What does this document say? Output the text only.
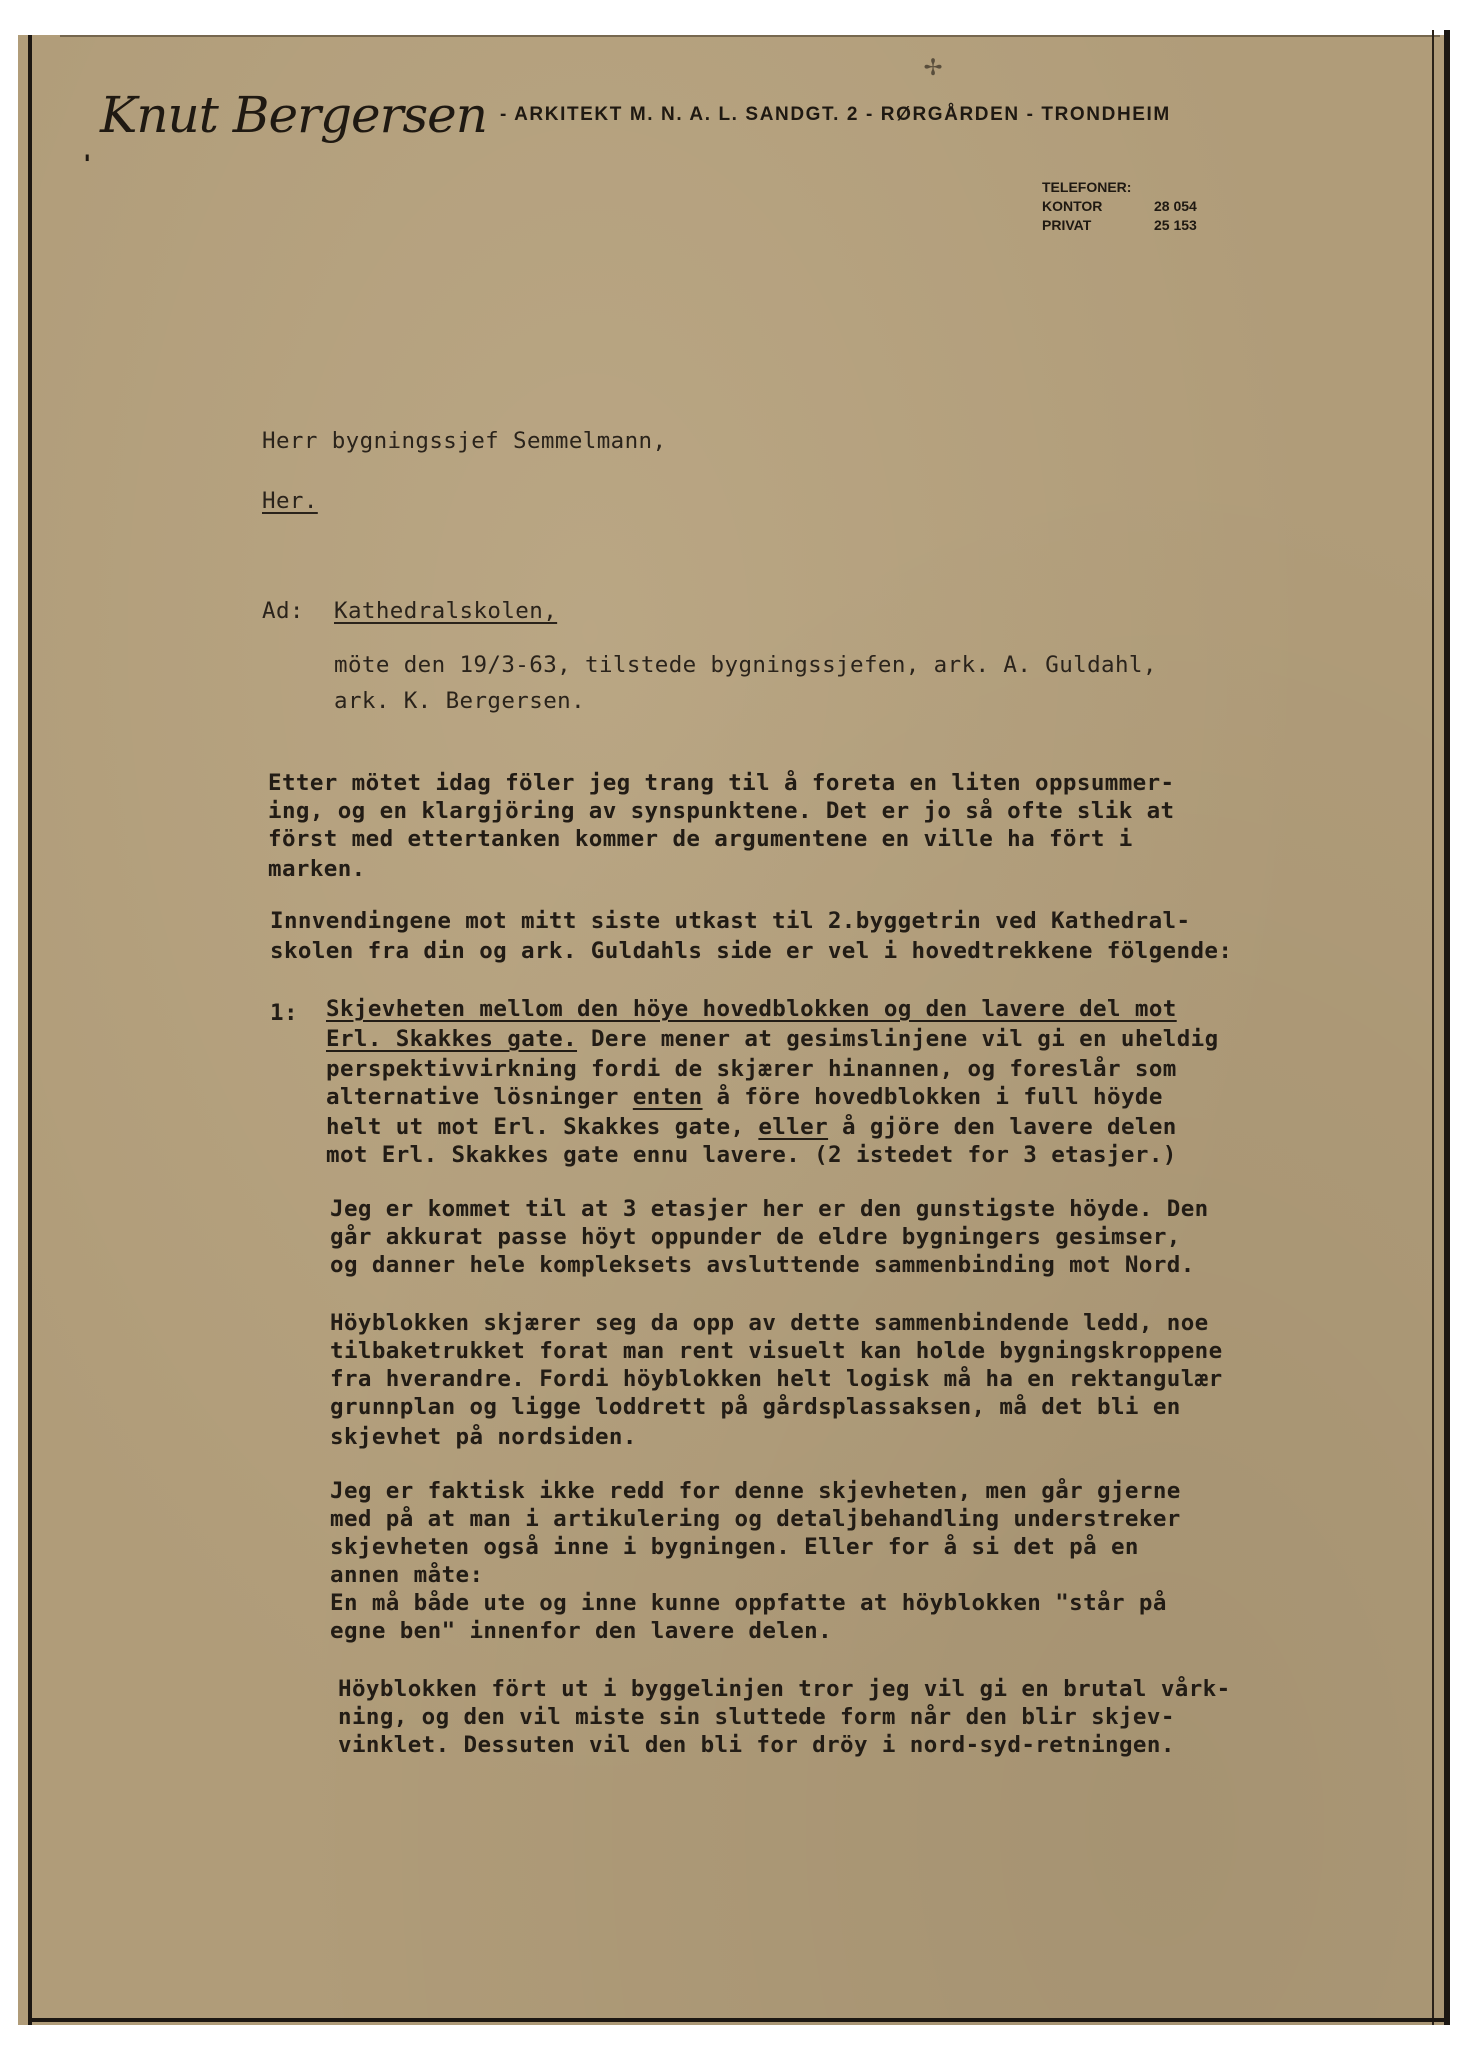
✢
'
Knut Bergersen - ARKITEKT M. N. A. L. SANDGT. 2 - RØRGÅRDEN - TRONDHEIM
TELEFONER:
KONTOR	28 054
PRIVAT	25 153
Herr bygningssjef Semmelmann,
Her.
Ad: Kathedralskolen,
möte den 19/3-63, tilstede bygningssjefen, ark. A. Guldahl,
ark. K. Bergersen.
Etter mötet idag föler jeg trang til å foreta en liten oppsummer-
ing, og en klargjöring av synspunktene. Det er jo så ofte slik at
först med ettertanken kommer de argumentene en ville ha fört i
marken.
Innvendingene mot mitt siste utkast til 2.byggetrin ved Kathedral-
skolen fra din og ark. Guldahls side er vel i hovedtrekkene fölgende:
1: Skjevheten mellom den höye hovedblokken og den lavere del mot
Erl. Skakkes gate. Dere mener at gesimslinjene vil gi en uheldig
perspektivvirkning fordi de skjærer hinannen, og foreslår som
alternative lösninger enten å före hovedblokken i full höyde
helt ut mot Erl. Skakkes gate, eller å gjöre den lavere delen
mot Erl. Skakkes gate ennu lavere. (2 istedet for 3 etasjer.)
Jeg er kommet til at 3 etasjer her er den gunstigste höyde. Den
går akkurat passe höyt oppunder de eldre bygningers gesimser,
og danner hele kompleksets avsluttende sammenbinding mot Nord.
Höyblokken skjærer seg da opp av dette sammenbindende ledd, noe
tilbaketrukket forat man rent visuelt kan holde bygningskroppene
fra hverandre. Fordi höyblokken helt logisk må ha en rektangulær
grunnplan og ligge loddrett på gårdsplassaksen, må det bli en
skjevhet på nordsiden.
Jeg er faktisk ikke redd for denne skjevheten, men går gjerne
med på at man i artikulering og detaljbehandling understreker
skjevheten også inne i bygningen. Eller for å si det på en
annen måte:
En må både ute og inne kunne oppfatte at höyblokken "står på
egne ben" innenfor den lavere delen.
Höyblokken fört ut i byggelinjen tror jeg vil gi en brutal vårk-
ning, og den vil miste sin sluttede form når den blir skjev-
vinklet. Dessuten vil den bli for dröy i nord-syd-retningen.
